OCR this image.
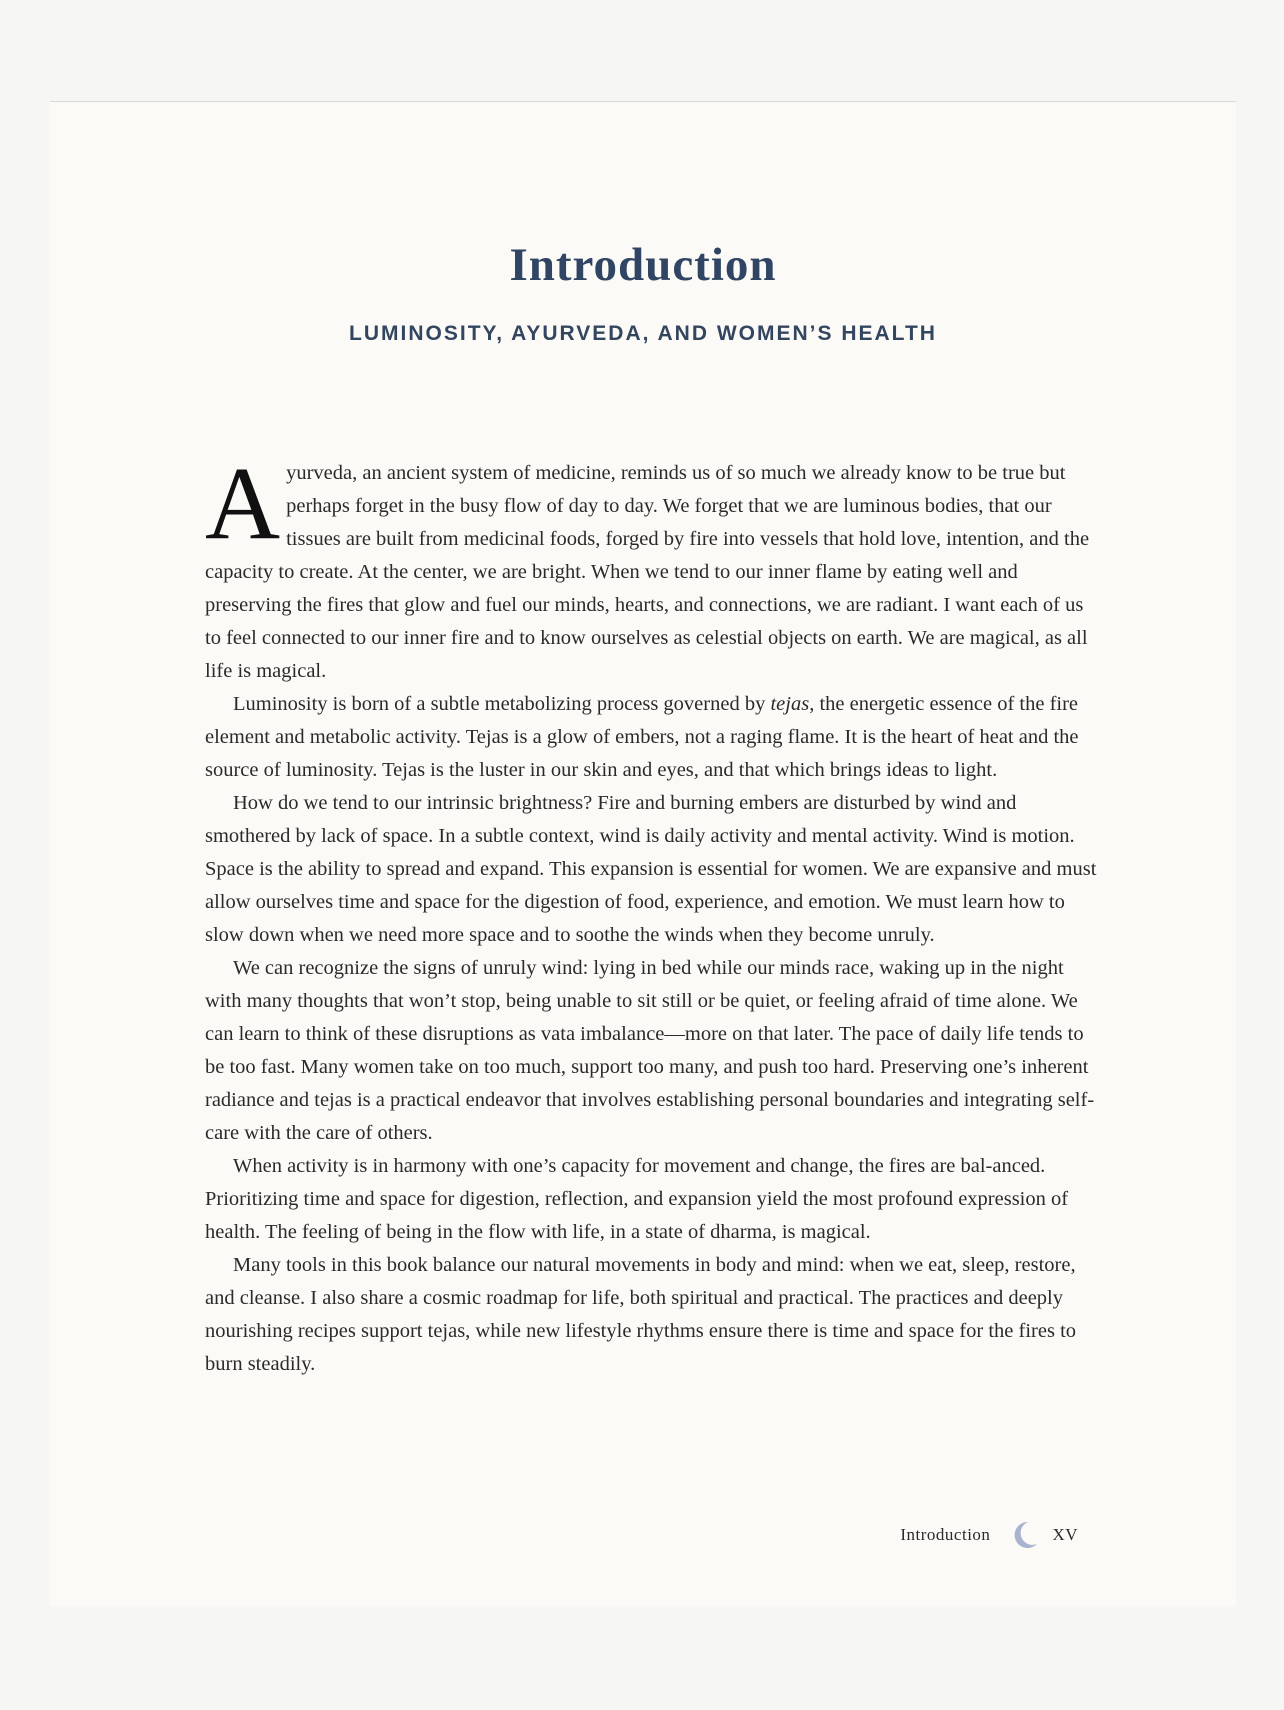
Introduction
LUMINOSITY, AYURVEDA, AND WOMEN’S HEALTH

Ayurveda, an ancient system of medicine, reminds us of so much we already know to be true but perhaps forget in the busy flow of day to day. We forget that we are luminous bodies, that our tissues are built from medicinal foods, forged by fire into vessels that hold love, intention, and the capacity to create. At the center, we are bright. When we tend to our inner flame by eating well and preserving the fires that glow and fuel our minds, hearts, and connections, we are radiant. I want each of us to feel connected to our inner fire and to know ourselves as celestial objects on earth. We are magical, as all life is magical.

Luminosity is born of a subtle metabolizing process governed by tejas, the energetic essence of the fire element and metabolic activity. Tejas is a glow of embers, not a raging flame. It is the heart of heat and the source of luminosity. Tejas is the luster in our skin and eyes, and that which brings ideas to light.

How do we tend to our intrinsic brightness? Fire and burning embers are disturbed by wind and smothered by lack of space. In a subtle context, wind is daily activity and mental activity. Wind is motion. Space is the ability to spread and expand. This expansion is essential for women. We are expansive and must allow ourselves time and space for the digestion of food, experience, and emotion. We must learn how to slow down when we need more space and to soothe the winds when they become unruly.

We can recognize the signs of unruly wind: lying in bed while our minds race, waking up in the night with many thoughts that won’t stop, being unable to sit still or be quiet, or feeling afraid of time alone. We can learn to think of these disruptions as vata imbalance—more on that later. The pace of daily life tends to be too fast. Many women take on too much, support too many, and push too hard. Preserving one’s inherent radiance and tejas is a practical endeavor that involves establishing personal boundaries and integrating self-care with the care of others.

When activity is in harmony with one’s capacity for movement and change, the fires are bal-anced. Prioritizing time and space for digestion, reflection, and expansion yield the most profound expression of health. The feeling of being in the flow with life, in a state of dharma, is magical.

Many tools in this book balance our natural movements in body and mind: when we eat, sleep, restore, and cleanse. I also share a cosmic roadmap for life, both spiritual and practical. The practices and deeply nourishing recipes support tejas, while new lifestyle rhythms ensure there is time and space for the fires to burn steadily.

Introduction	XV
